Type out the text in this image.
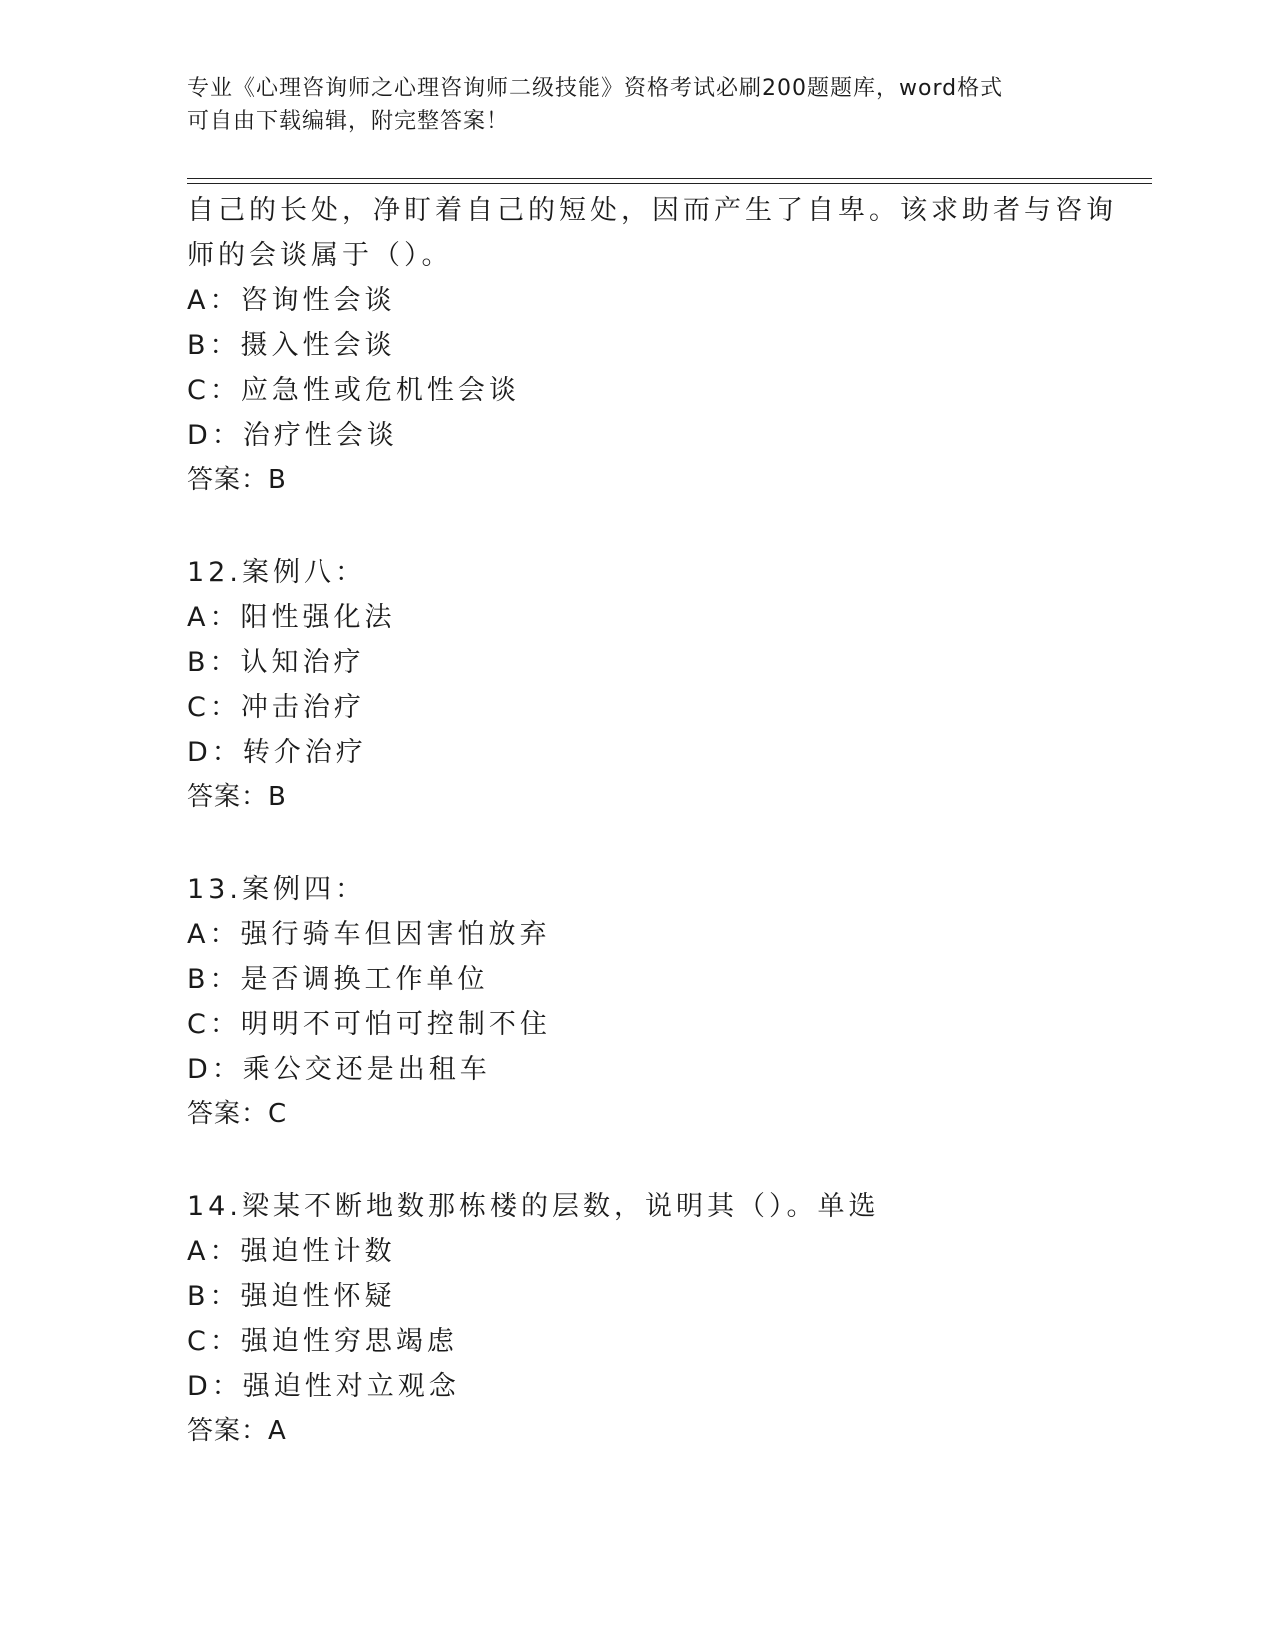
专业《心理咨询师之心理咨询师二级技能》资格考试必刷200题题库，word格式
可自由下载编辑，附完整答案！
自己的长处，净盯着自己的短处，因而产生了自卑。该求助者与咨询
师的会谈属于（）。
A：咨询性会谈
B：摄入性会谈
C：应急性或危机性会谈
D：治疗性会谈
答案：B
12.案例八：
A：阳性强化法
B：认知治疗
C：冲击治疗
D：转介治疗
答案：B
13.案例四：
A：强行骑车但因害怕放弃
B：是否调换工作单位
C：明明不可怕可控制不住
D：乘公交还是出租车
答案：C
14.梁某不断地数那栋楼的层数，说明其（）。单选
A：强迫性计数
B：强迫性怀疑
C：强迫性穷思竭虑
D：强迫性对立观念
答案：A
